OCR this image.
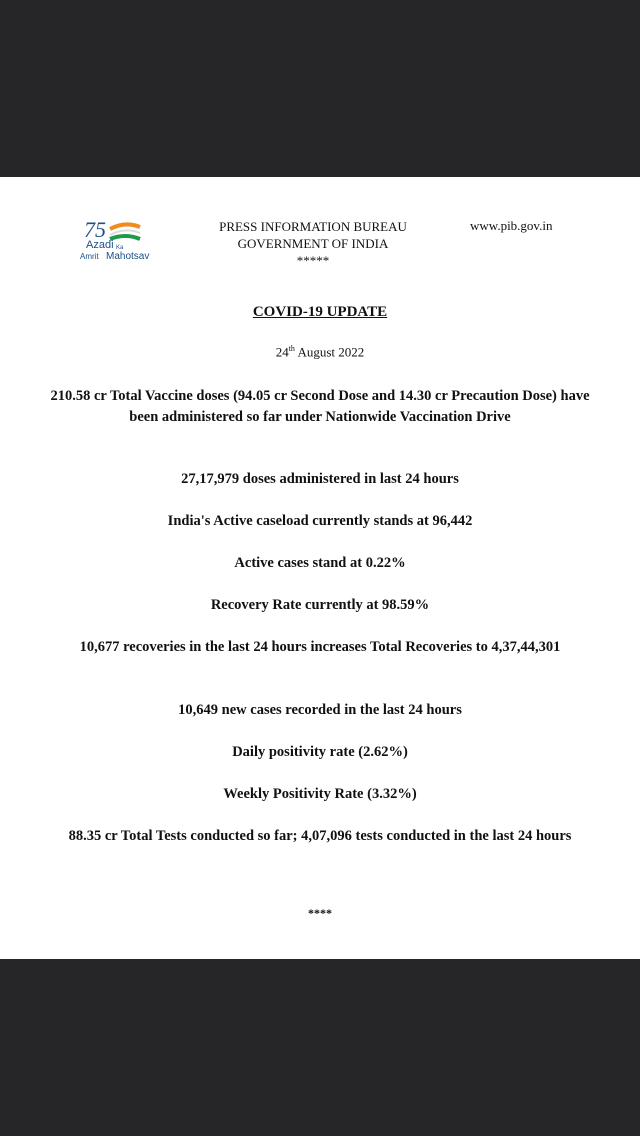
75
Azadi Ka
Amrit Mahotsav
PRESS INFORMATION BUREAU
GOVERNMENT OF INDIA
*****
www.pib.gov.in
COVID-19 UPDATE
24th August 2022
210.58 cr Total Vaccine doses (94.05 cr Second Dose and 14.30 cr Precaution Dose) have been administered so far under Nationwide Vaccination Drive
27,17,979 doses administered in last 24 hours
India's Active caseload currently stands at 96,442
Active cases stand at 0.22%
Recovery Rate currently at 98.59%
10,677 recoveries in the last 24 hours increases Total Recoveries to 4,37,44,301
10,649 new cases recorded in the last 24 hours
Daily positivity rate (2.62%)
Weekly Positivity Rate (3.32%)
88.35 cr Total Tests conducted so far; 4,07,096 tests conducted in the last 24 hours
****
